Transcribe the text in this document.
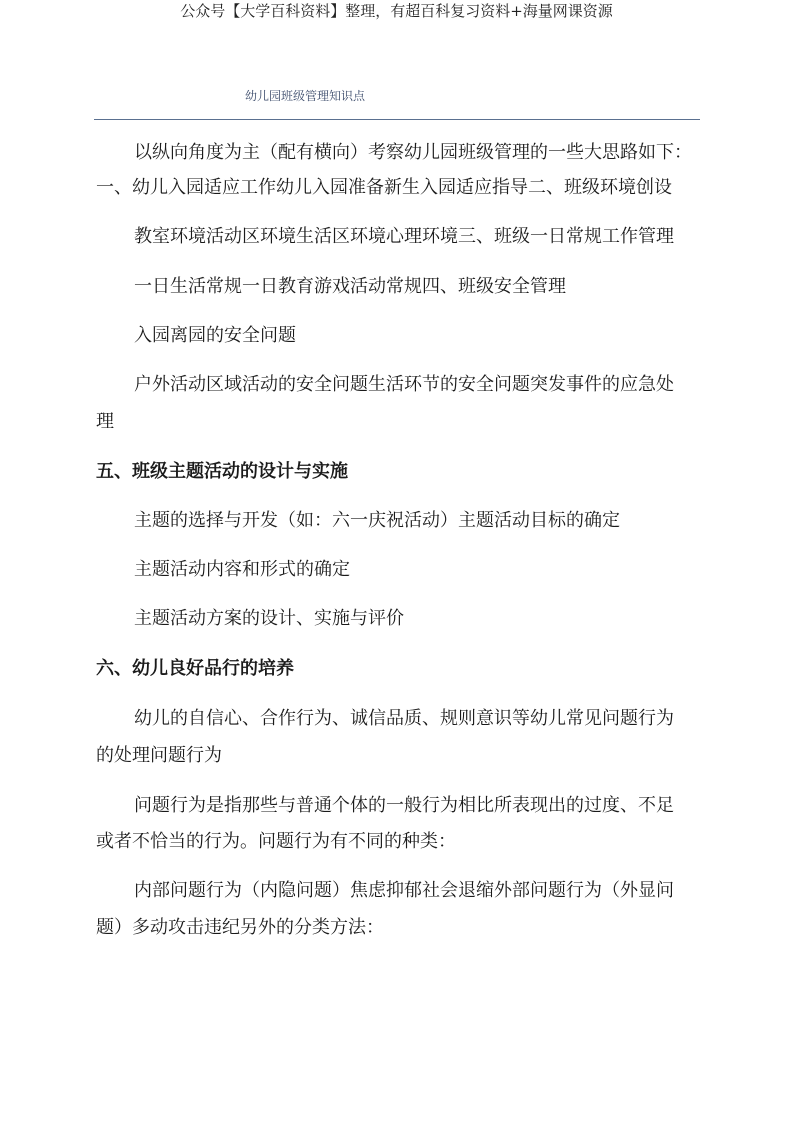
公众号【大学百科资料】整理，有超百科复习资料+海量网课资源
幼儿园班级管理知识点
以纵向角度为主（配有横向）考察幼儿园班级管理的一些大思路如下：
一、幼儿入园适应工作幼儿入园准备新生入园适应指导二、班级环境创设
教室环境活动区环境生活区环境心理环境三、班级一日常规工作管理
一日生活常规一日教育游戏活动常规四、班级安全管理
入园离园的安全问题
户外活动区域活动的安全问题生活环节的安全问题突发事件的应急处
理
五、班级主题活动的设计与实施
主题的选择与开发（如：六一庆祝活动）主题活动目标的确定
主题活动内容和形式的确定
主题活动方案的设计、实施与评价
六、幼儿良好品行的培养
幼儿的自信心、合作行为、诚信品质、规则意识等幼儿常见问题行为
的处理问题行为
问题行为是指那些与普通个体的一般行为相比所表现出的过度、不足
或者不恰当的行为。问题行为有不同的种类：
内部问题行为（内隐问题）焦虑抑郁社会退缩外部问题行为（外显问
题）多动攻击违纪另外的分类方法：
